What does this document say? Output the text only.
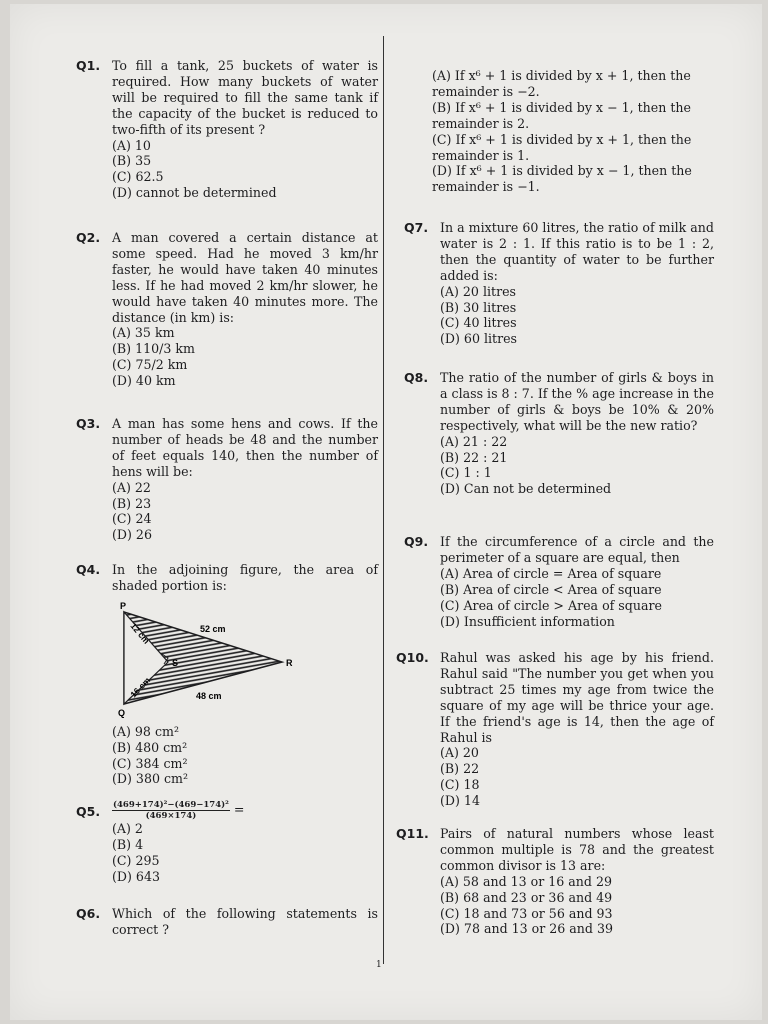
Q1. To fill a tank, 25 buckets of water is required. How many buckets of water will be required to fill the same tank if the capacity of the bucket is reduced to two-fifth of its present ?
(A) 10
(B) 35
(C) 62.5
(D) cannot be determined
Q2. A man covered a certain distance at some speed. Had he moved 3 km/hr faster, he would have taken 40 minutes less. If he had moved 2 km/hr slower, he would have taken 40 minutes more. The distance (in km) is:
(A) 35 km
(B) 110/3 km
(C) 75/2 km
(D) 40 km
Q3. A man has some hens and cows. If the number of heads be 48 and the number of feet equals 140, then the number of hens will be:
(A) 22
(B) 23
(C) 24
(D) 26
Q4. In the adjoining figure, the area of shaded portion is:
P
Q
R
S
12 cm
16 cm
52 cm
48 cm
(A) 98 cm²
(B) 480 cm²
(C) 384 cm²
(D) 380 cm²
Q5. $\frac{\text{(469+174)²−(469−174)²}}{(469\times 174)}$ =
(A) 2
(B) 4
(C) 295
(D) 643
Q6. Which of the following statements is correct ?
(A) If x⁶ + 1 is divided by x + 1, then the remainder is −2.
(B) If x⁶ + 1 is divided by x − 1, then the remainder is 2.
(C) If x⁶ + 1 is divided by x + 1, then the remainder is 1.
(D) If x⁶ + 1 is divided by x − 1, then the remainder is −1.
Q7. In a mixture 60 litres, the ratio of milk and water is 2 : 1. If this ratio is to be 1 : 2, then the quantity of water to be further added is:
(A) 20 litres
(B) 30 litres
(C) 40 litres
(D) 60 litres
Q8. The ratio of the number of girls & boys in a class is 8 : 7. If the % age increase in the number of girls & boys be 10% & 20% respectively, what will be the new ratio?
(A) 21 : 22
(B) 22 : 21
(C) 1 : 1
(D) Can not be determined
Q9. If the circumference of a circle and the perimeter of a square are equal, then
(A) Area of circle = Area of square
(B) Area of circle < Area of square
(C) Area of circle > Area of square
(D) Insufficient information
Q10. Rahul was asked his age by his friend. Rahul said "The number you get when you subtract 25 times my age from twice the square of my age will be thrice your age. If the friend's age is 14, then the age of Rahul is
(A) 20
(B) 22
(C) 18
(D) 14
Q11. Pairs of natural numbers whose least common multiple is 78 and the greatest common divisor is 13 are:
(A) 58 and 13 or 16 and 29
(B) 68 and 23 or 36 and 49
(C) 18 and 73 or 56 and 93
(D) 78 and 13 or 26 and 39
1
